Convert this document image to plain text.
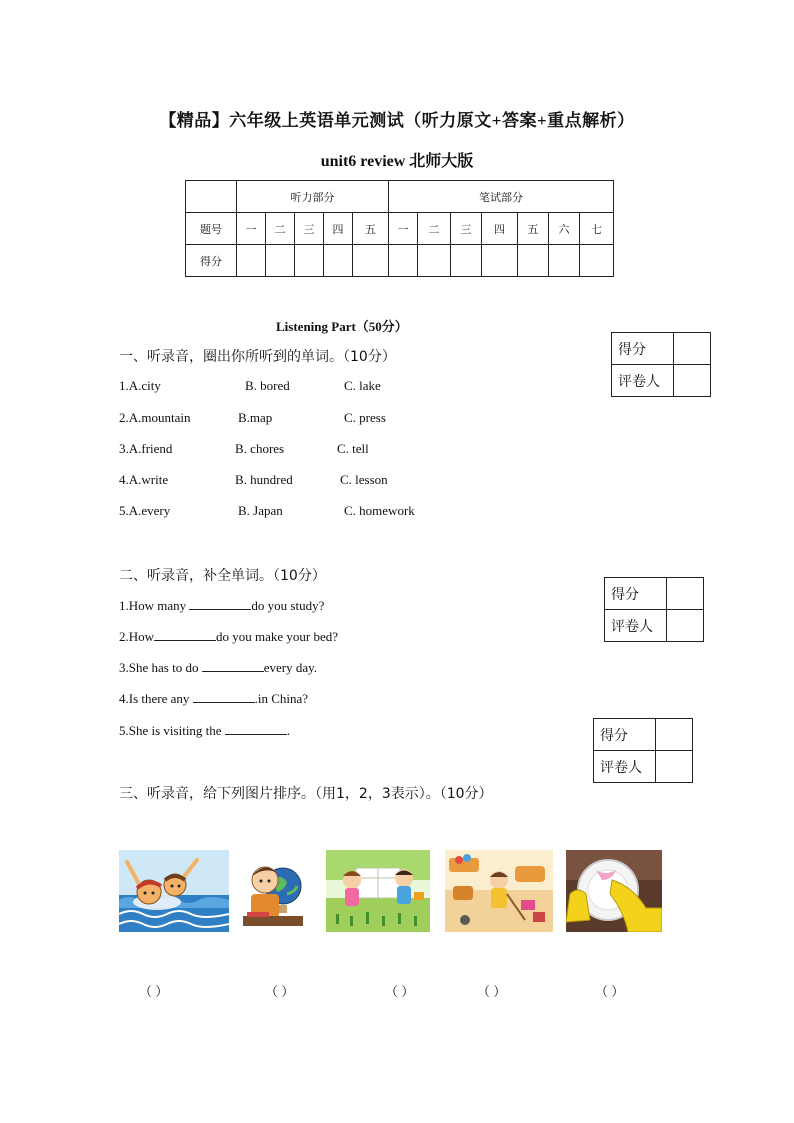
【精品】六年级上英语单元测试（听力原文+答案+重点解析）
unit6 review 北师大版
	听力部分					笔试部分						
题号	一	二	三	四	五	一	二	三	四	五	六	七
得分												
Listening Part（50分）
得分	
评卷人	
一、听录音，圈出你所听到的单词。（10分）
1.A.city	B. bored	C. lake
2.A.mountain	B.map	C. press
3.A.friend	B. chores	C. tell
4.A.write	B. hundred	C. lesson
5.A.every	B. Japan	C. homework
二、听录音，补全单词。（10分）
得分	
评卷人	
1.How many	do you study?
2.How	do you make your bed?
3.She has to do	every day.
4.Is there any	.in China?
5.She is visiting the	.	得分	
评卷人	
三、听录音，给下列图片排序。（用1，2，3表示）。（10分）
（ ）	（ ）	（ ）	（ ）	（ ）
